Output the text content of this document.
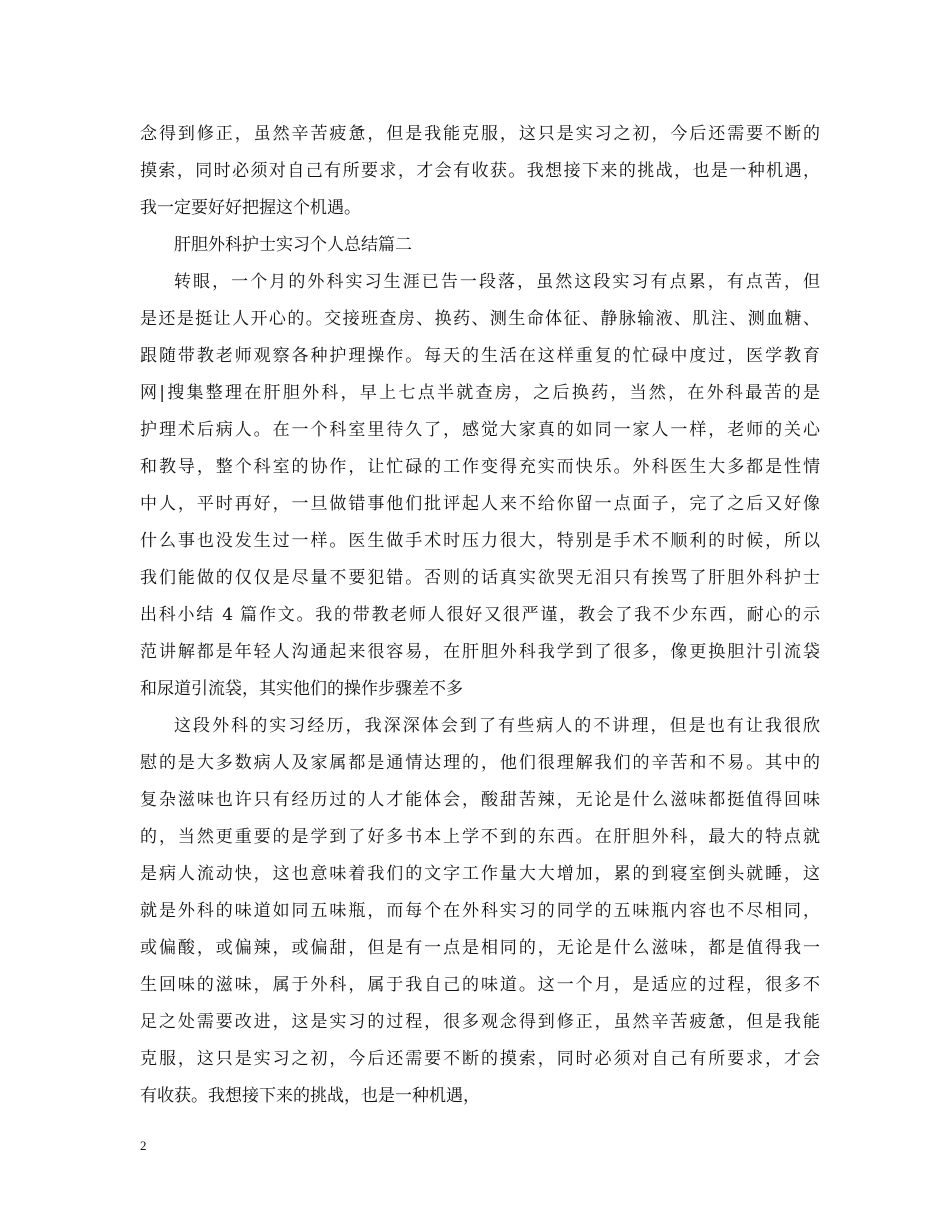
念得到修正，虽然辛苦疲惫，但是我能克服，这只是实习之初，今后还需要不断的
摸索，同时必须对自己有所要求，才会有收获。我想接下来的挑战，也是一种机遇，
我一定要好好把握这个机遇。
肝胆外科护士实习个人总结篇二
转眼，一个月的外科实习生涯已告一段落，虽然这段实习有点累，有点苦，但
是还是挺让人开心的。交接班查房、换药、测生命体征、静脉输液、肌注、测血糖、
跟随带教老师观察各种护理操作。每天的生活在这样重复的忙碌中度过，医学教育
网|搜集整理在肝胆外科，早上七点半就查房，之后换药，当然，在外科最苦的是
护理术后病人。在一个科室里待久了，感觉大家真的如同一家人一样，老师的关心
和教导，整个科室的协作，让忙碌的工作变得充实而快乐。外科医生大多都是性情
中人，平时再好，一旦做错事他们批评起人来不给你留一点面子，完了之后又好像
什么事也没发生过一样。医生做手术时压力很大，特别是手术不顺利的时候，所以
我们能做的仅仅是尽量不要犯错。否则的话真实欲哭无泪只有挨骂了肝胆外科护士
出科小结 4 篇作文。我的带教老师人很好又很严谨，教会了我不少东西，耐心的示
范讲解都是年轻人沟通起来很容易，在肝胆外科我学到了很多，像更换胆汁引流袋
和尿道引流袋，其实他们的操作步骤差不多
这段外科的实习经历，我深深体会到了有些病人的不讲理，但是也有让我很欣
慰的是大多数病人及家属都是通情达理的，他们很理解我们的辛苦和不易。其中的
复杂滋味也许只有经历过的人才能体会，酸甜苦辣，无论是什么滋味都挺值得回味
的，当然更重要的是学到了好多书本上学不到的东西。在肝胆外科，最大的特点就
是病人流动快，这也意味着我们的文字工作量大大增加，累的到寝室倒头就睡，这
就是外科的味道如同五味瓶，而每个在外科实习的同学的五味瓶内容也不尽相同，
或偏酸，或偏辣，或偏甜，但是有一点是相同的，无论是什么滋味，都是值得我一
生回味的滋味，属于外科，属于我自己的味道。这一个月，是适应的过程，很多不
足之处需要改进，这是实习的过程，很多观念得到修正，虽然辛苦疲惫，但是我能
克服，这只是实习之初，今后还需要不断的摸索，同时必须对自己有所要求，才会
有收获。我想接下来的挑战，也是一种机遇，
2
